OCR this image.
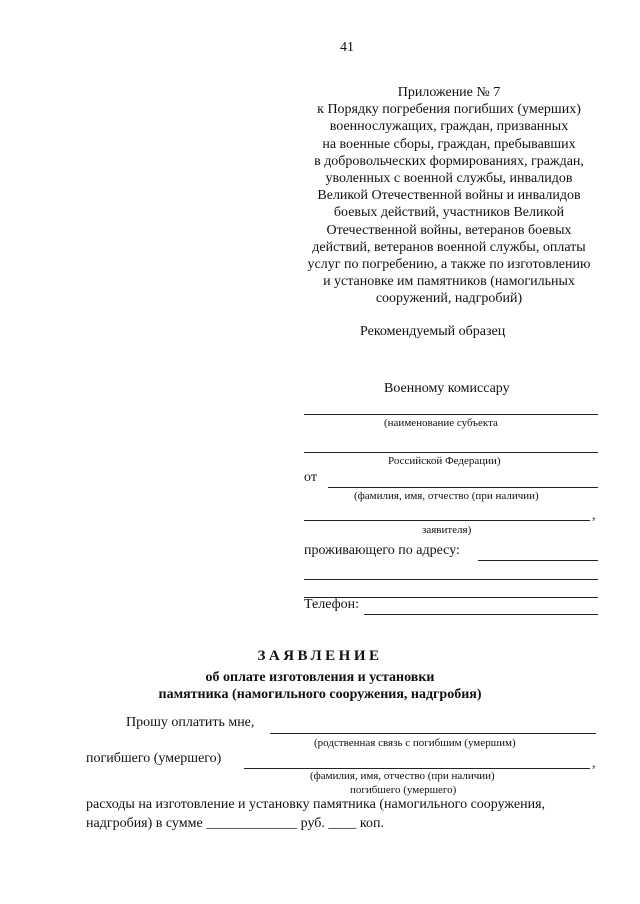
41
Приложение № 7
к Порядку погребения погибших (умерших)
военнослужащих, граждан, призванных
на военные сборы, граждан, пребывавших
в добровольческих формированиях, граждан,
уволенных с военной службы, инвалидов
Великой Отечественной войны и инвалидов
боевых действий, участников Великой
Отечественной войны, ветеранов боевых
действий, ветеранов военной службы, оплаты
услуг по погребению, а также по изготовлению
и установке им памятников (намогильных
сооружений, надгробий)
Рекомендуемый образец
Военному комиссару
(наименование субъекта
Российской Федерации)
от
(фамилия, имя, отчество (при наличии)
,
заявителя)
проживающего по адресу:
Телефон:
ЗАЯВЛЕНИЕ
об оплате изготовления и установки
памятника (намогильного сооружения, надгробия)
Прошу оплатить мне,
(родственная связь с погибшим (умершим)
погибшего (умершего)	,
(фамилия, имя, отчество (при наличии)
погибшего (умершего)
расходы на изготовление и установку памятника (намогильного сооружения,
надгробия) в сумме _____________ руб. ____ коп.
